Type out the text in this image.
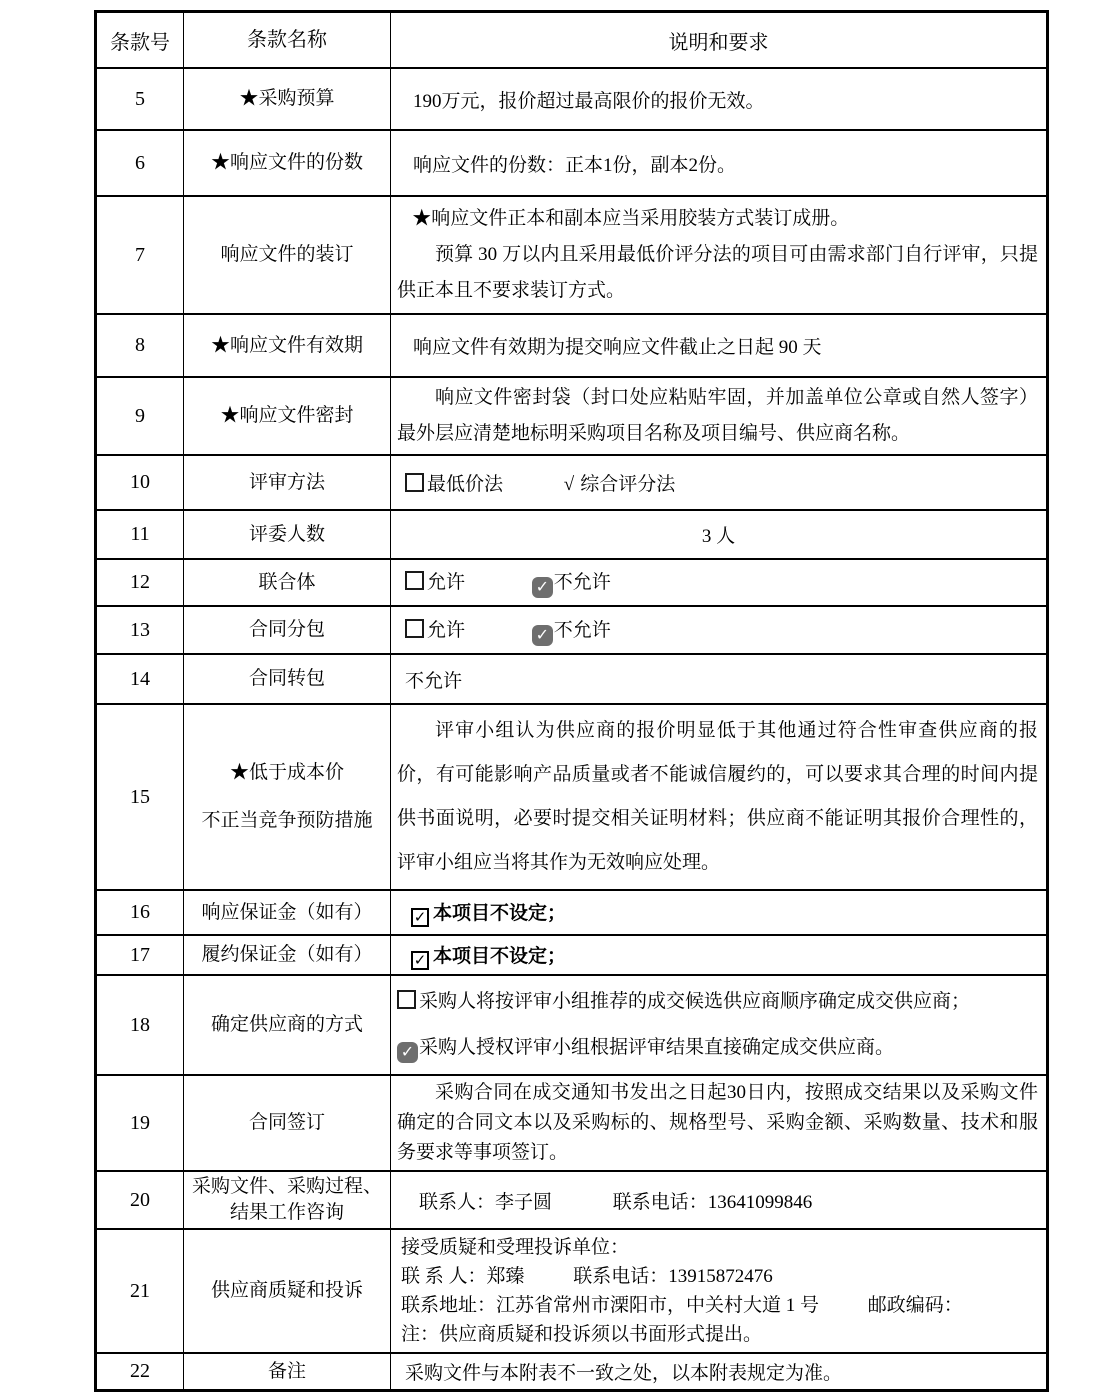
条款号	条款名称	说明和要求
5	★采购预算	190万元，报价超过最高限价的报价无效。
6	★响应文件的份数	响应文件的份数：正本1份，副本2份。
7	响应文件的装订	★响应文件正本和副本应当采用胶装方式装订成册。

预算 30 万以内且采用最低价评分法的项目可由需求部门自行评审，只提供正本且不要求装订方式。

8	★响应文件有效期	响应文件有效期为提交响应文件截止之日起 90 天
9	★响应文件密封	响应文件密封袋（封口处应粘贴牢固，并加盖单位公章或自然人签字）最外层应清楚地标明采购项目名称及项目编号、供应商名称。

10	评审方法	最低价法 √ 综合评分法
11	评委人数	3 人
12	联合体	允许 ✓ 不允许
13	合同分包	允许 ✓ 不允许
14	合同转包	不允许
15	★低于成本价
不正当竞争预防措施	评审小组认为供应商的报价明显低于其他通过符合性审查供应商的报价，有可能影响产品质量或者不能诚信履约的，可以要求其合理的时间内提供书面说明，必要时提交相关证明材料；供应商不能证明其报价合理性的，评审小组应当将其作为无效响应处理。

16	响应保证金（如有）	✓ 本项目不设定；
17	履约保证金（如有）	✓ 本项目不设定；
18	确定供应商的方式	采购人将按评审小组推荐的成交候选供应商顺序确定成交供应商；
✓ 采购人授权评审小组根据评审结果直接确定成交供应商。

19	合同签订	采购合同在成交通知书发出之日起30日内，按照成交结果以及采购文件确定的合同文本以及采购标的、规格型号、采购金额、采购数量、技术和服务要求等事项签订。

20	采购文件、采购过程、结果工作咨询	联系人：李子圆 联系电话：13641099846
21	供应商质疑和投诉	接受质疑和受理投诉单位：
联 系 人：郑臻 联系电话：13915872476
联系地址：江苏省常州市溧阳市，中关村大道 1 号 邮政编码：
注：供应商质疑和投诉须以书面形式提出。

22	备注	采购文件与本附表不一致之处，以本附表规定为准。
